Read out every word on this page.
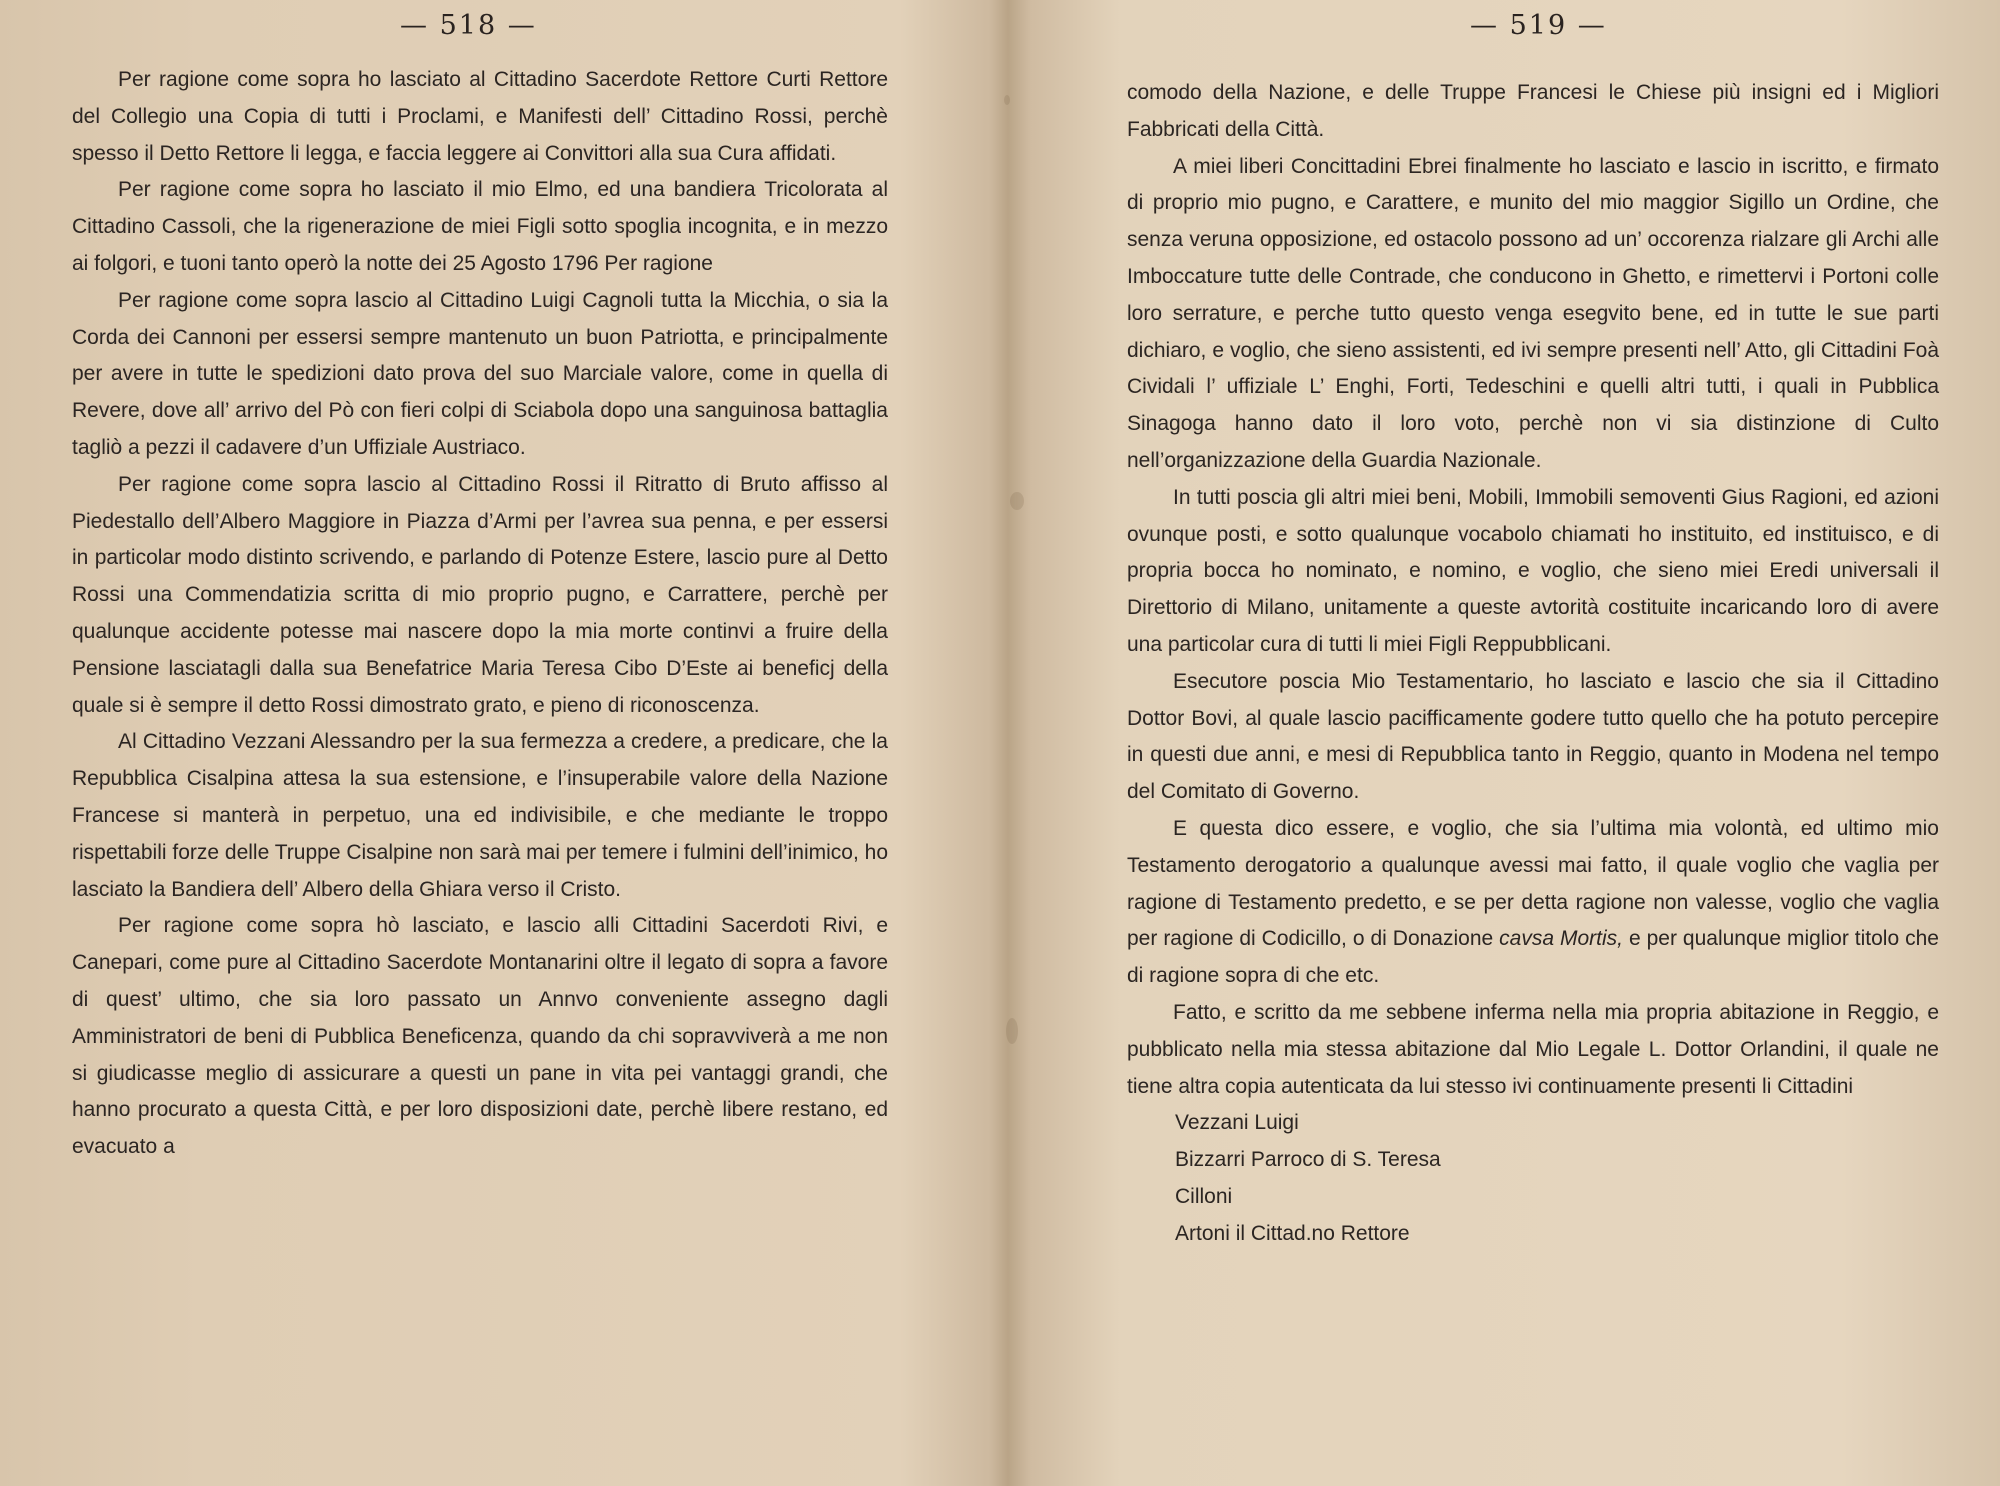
— 518 —

Per ragione come sopra ho lasciato al Cittadino Sacerdote Rettore Curti Rettore del Collegio una Copia di tutti i Proclami, e Manifesti dell’ Cittadino Rossi, perchè spesso il Detto Rettore li legga, e faccia leggere ai Convittori alla sua Cura affidati.

Per ragione come sopra ho lasciato il mio Elmo, ed una bandiera Tricolorata al Cittadino Cassoli, che la rigenerazione de miei Figli sotto spoglia incognita, e in mezzo ai folgori, e tuoni tanto operò la notte dei 25 Agosto 1796 Per ragione

Per ragione come sopra lascio al Cittadino Luigi Cagnoli tutta la Micchia, o sia la Corda dei Cannoni per essersi sempre mantenuto un buon Patriotta, e principalmente per avere in tutte le spedizioni dato prova del suo Marciale valore, come in quella di Revere, dove all’ arrivo del Pò con fieri colpi di Sciabola dopo una sanguinosa battaglia tagliò a pezzi il cadavere d’un Uffiziale Austriaco.

Per ragione come sopra lascio al Cittadino Rossi il Ritratto di Bruto affisso al Piedestallo dell’Albero Maggiore in Piazza d’Armi per l’avrea sua penna, e per essersi in particolar modo distinto scrivendo, e parlando di Potenze Estere, lascio pure al Detto Rossi una Commendatizia scritta di mio proprio pugno, e Carrattere, perchè per qualunque accidente potesse mai nascere dopo la mia morte continvi a fruire della Pensione lasciatagli dalla sua Benefatrice Maria Teresa Cibo D’Este ai beneficj della quale si è sempre il detto Rossi dimostrato grato, e pieno di riconoscenza.

Al Cittadino Vezzani Alessandro per la sua fermezza a credere, a predicare, che la Repubblica Cisalpina attesa la sua estensione, e l’insuperabile valore della Nazione Francese si manterà in perpetuo, una ed indivisibile, e che mediante le troppo rispettabili forze delle Truppe Cisalpine non sarà mai per temere i fulmini dell’inimico, ho lasciato la Bandiera dell’ Albero della Ghiara verso il Cristo.

Per ragione come sopra hò lasciato, e lascio alli Cittadini Sacerdoti Rivi, e Canepari, come pure al Cittadino Sacerdote Montanarini oltre il legato di sopra a favore di quest’ ultimo, che sia loro passato un Annvo conveniente assegno dagli Amministratori de beni di Pubblica Beneficenza, quando da chi sopravviverà a me non si giudicasse meglio di assicurare a questi un pane in vita pei vantaggi grandi, che hanno procurato a questa Città, e per loro disposizioni date, perchè libere restano, ed evacuato a

— 519 —

comodo della Nazione, e delle Truppe Francesi le Chiese più insigni ed i Migliori Fabbricati della Città.

A miei liberi Concittadini Ebrei finalmente ho lasciato e lascio in iscritto, e firmato di proprio mio pugno, e Carattere, e munito del mio maggior Sigillo un Ordine, che senza veruna opposizione, ed ostacolo possono ad un’ occorenza rialzare gli Archi alle Imboccature tutte delle Contrade, che conducono in Ghetto, e rimettervi i Portoni colle loro serrature, e perche tutto questo venga esegvito bene, ed in tutte le sue parti dichiaro, e voglio, che sieno assistenti, ed ivi sempre presenti nell’ Atto, gli Cittadini Foà Cividali l’ uffiziale L’ Enghi, Forti, Tedeschini e quelli altri tutti, i quali in Pubblica Sinagoga hanno dato il loro voto, perchè non vi sia distinzione di Culto nell’organizzazione della Guardia Nazionale.

In tutti poscia gli altri miei beni, Mobili, Immobili semoventi Gius Ragioni, ed azioni ovunque posti, e sotto qualunque vocabolo chiamati ho instituito, ed instituisco, e di propria bocca ho nominato, e nomino, e voglio, che sieno miei Eredi universali il Direttorio di Milano, unitamente a queste avtorità costituite incaricando loro di avere una particolar cura di tutti li miei Figli Reppubblicani.

Esecutore poscia Mio Testamentario, ho lasciato e lascio che sia il Cittadino Dottor Bovi, al quale lascio pacifficamente godere tutto quello che ha potuto percepire in questi due anni, e mesi di Repubblica tanto in Reggio, quanto in Modena nel tempo del Comitato di Governo.

E questa dico essere, e voglio, che sia l’ultima mia volontà, ed ultimo mio Testamento derogatorio a qualunque avessi mai fatto, il quale voglio che vaglia per ragione di Testamento predetto, e se per detta ragione non valesse, voglio che vaglia per ragione di Codicillo, o di Donazione cavsa Mortis, e per qualunque miglior titolo che di ragione sopra di che etc.

Fatto, e scritto da me sebbene inferma nella mia propria abitazione in Reggio, e pubblicato nella mia stessa abitazione dal Mio Legale L. Dottor Orlandini, il quale ne tiene altra copia autenticata da lui stesso ivi continuamente presenti li Cittadini

Vezzani Luigi

Bizzarri Parroco di S. Teresa

Cilloni

Artoni il Cittad.no Rettore
